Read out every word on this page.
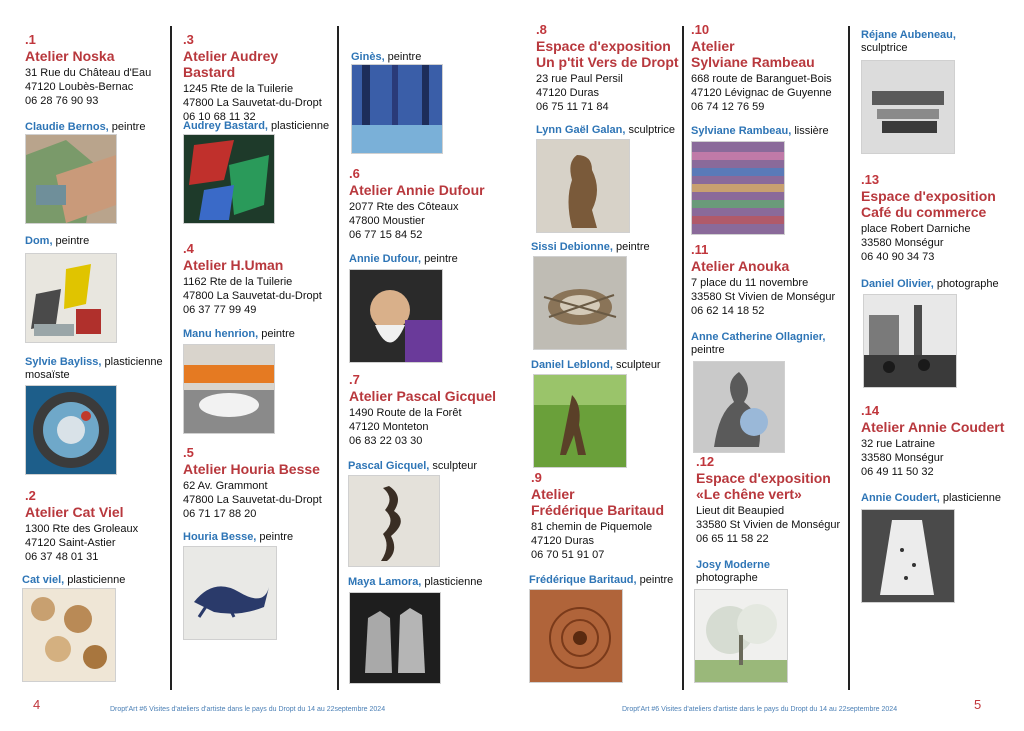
.1
Atelier Noska
31 Rue du Château d'Eau
47120 Loubès-Bernac
06 28 76 90 93
Claudie Bernos, peintre
Dom, peintre
Sylvie Bayliss, plasticienne
mosaïste
.2
Atelier Cat Viel
1300 Rte des Groleaux
47120 Saint-Astier
06 37 48 01 31
Cat viel, plasticienne
.3
Atelier Audrey Bastard
1245 Rte de la Tuilerie
47800 La Sauvetat-du-Dropt
06 10 68 11 32
Audrey Bastard, plasticienne
.4
Atelier H.Uman
1162 Rte de la Tuilerie
47800 La Sauvetat-du-Dropt
06 37 77 99 49
Manu henrion, peintre
.5
Atelier Houria Besse
62 Av. Grammont
47800 La Sauvetat-du-Dropt
06 71 17 88 20
Houria Besse, peintre
Ginès, peintre
.6
Atelier Annie Dufour
2077 Rte des Côteaux
47800 Moustier
06 77 15 84 52
Annie Dufour, peintre
.7
Atelier Pascal Gicquel
1490 Route de la Forêt
47120 Monteton
06 83 22 03 30
Pascal Gicquel, sculpteur
Maya Lamora, plasticienne
.8
Espace d'exposition
Un p'tit Vers de Dropt
23 rue Paul Persil
47120 Duras
06 75 11 71 84
Lynn Gaël Galan, sculptrice
Sissi Debionne, peintre
Daniel Leblond, sculpteur
.9
Atelier
Frédérique Baritaud
81 chemin de Piquemole
47120 Duras
06 70 51 91 07
Frédérique Baritaud, peintre
.10
Atelier
Sylviane Rambeau
668 route de Baranguet-Bois
47120 Lévignac de Guyenne
06 74 12 76 59
Sylviane Rambeau, lissière
.11
Atelier Anouka
7 place du 11 novembre
33580 St Vivien de Monségur
06 62 14 18 52
Anne Catherine Ollagnier,
peintre
.12
Espace d'exposition
«Le chêne vert»
Lieut dit Beaupied
33580 St Vivien de Monségur
06 65 11 58 22
Josy Moderne
photographe
Réjane Aubeneau,
sculptrice
.13
Espace d'exposition
Café du commerce
place Robert Darniche
33580 Monségur
06 40 90 34 73
Daniel Olivier, photographe
.14
Atelier Annie Coudert
32 rue Latraine
33580 Monségur
06 49 11 50 32
Annie Coudert, plasticienne
4	Dropt'Art #6 Visites d'ateliers d'artiste dans le pays du Dropt du 14 au 22septembre 2024	Dropt'Art #6 Visites d'ateliers d'artiste dans le pays du Dropt du 14 au 22septembre 2024	5
